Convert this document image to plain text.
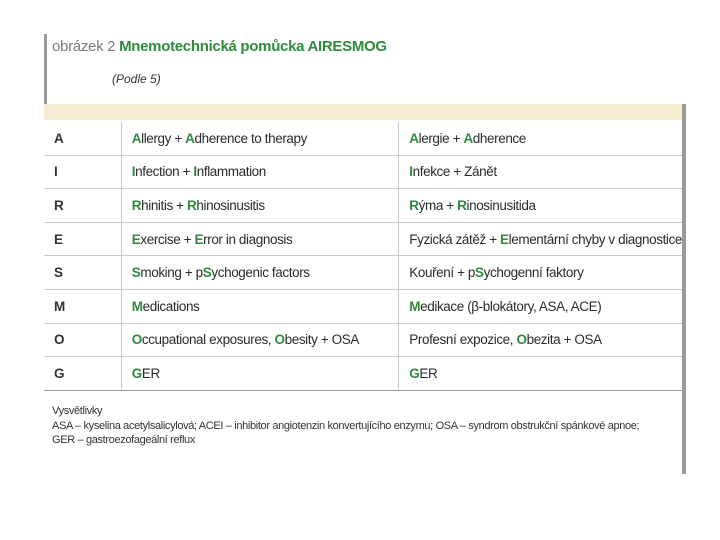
obrázek 2 Mnemotechnická pomůcka AIRESMOG
(Podle 5)
A	Allergy + Adherence to therapy	Alergie + Adherence
I	Infection + Inflammation	Infekce + Zánět
R	Rhinitis + Rhinosinusitis	Rýma + Rinosinusitida
E	Exercise + Error in diagnosis	Fyzická zátěž + Elementární chyby v diagnostice
S	Smoking + pSychogenic factors	Kouření + pSychogenní faktory
M	Medications	Medikace (β-blokátory, ASA, ACE)
O	Occupational exposures, Obesity + OSA	Profesní expozice, Obezita + OSA
G	GER	GER
Vysvětlivky
ASA – kyselina acetylsalicylová; ACEI – inhibitor angiotenzin konvertujícího enzymu; OSA – syndrom obstrukční spánkové apnoe;
GER – gastroezofageální reflux
